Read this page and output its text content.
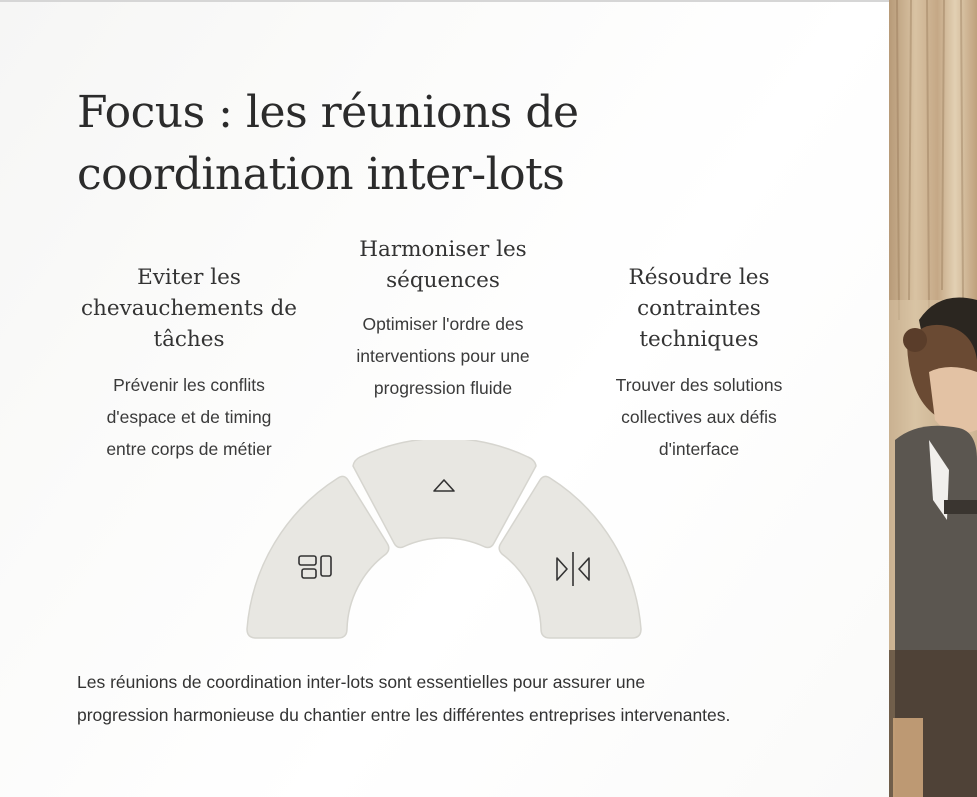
Focus : les réunions de
coordination inter-lots
Eviter les
chevauchements de
tâches

Prévenir les conflits
d'espace et de timing
entre corps de métier

Harmoniser les
séquences

Optimiser l'ordre des
interventions pour une
progression fluide

Résoudre les
contraintes
techniques

Trouver des solutions
collectives aux défis
d'interface

Les réunions de coordination inter-lots sont essentielles pour assurer une
progression harmonieuse du chantier entre les différentes entreprises intervenantes.
